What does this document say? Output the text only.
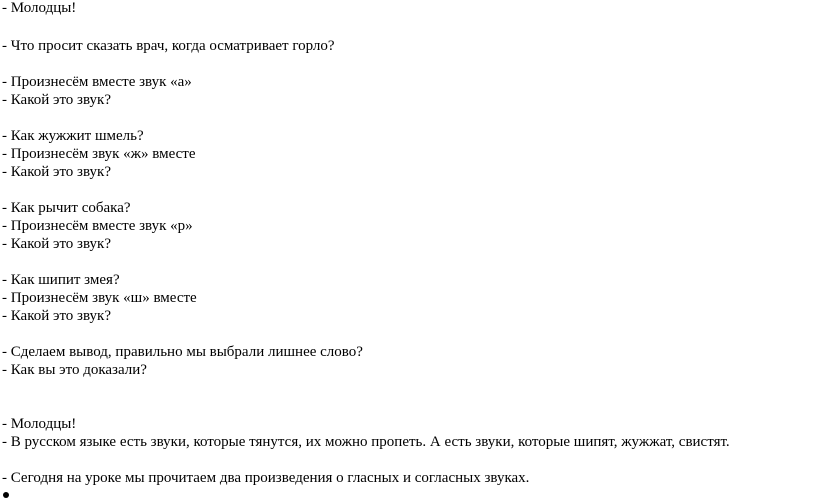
- Молодцы!
- Что просит сказать врач, когда осматривает горло?
- Произнесём вместе звук «а»
- Какой это звук?
- Как жужжит шмель?
- Произнесём звук «ж» вместе
- Какой это звук?
- Как рычит собака?
- Произнесём вместе звук «р»
- Какой это звук?
- Как шипит змея?
- Произнесём звук «ш» вместе
- Какой это звук?
- Сделаем вывод, правильно мы выбрали лишнее слово?
- Как вы это доказали?
- Молодцы!
- В русском языке есть звуки, которые тянутся, их можно пропеть. А есть звуки, которые шипят, жужжат, свистят.
- Сегодня на уроке мы прочитаем два произведения о гласных и согласных звуках.
